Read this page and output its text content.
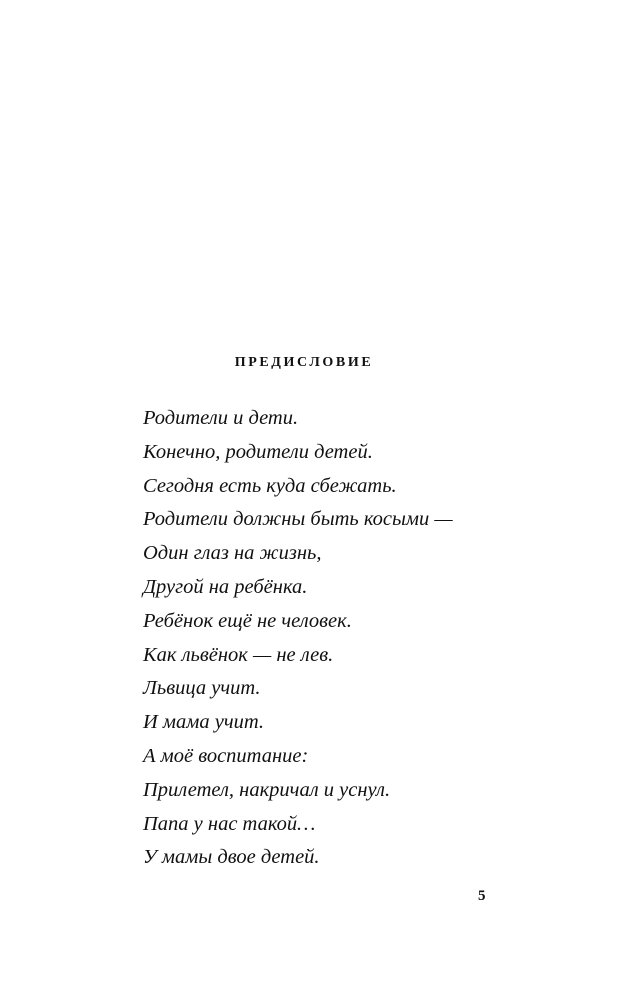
ПРЕДИСЛОВИЕ
Родители и дети.
Конечно, родители детей.
Сегодня есть куда сбежать.
Родители должны быть косыми —
Один глаз на жизнь,
Другой на ребёнка.
Ребёнок ещё не человек.
Как львёнок — не лев.
Львица учит.
И мама учит.
А моё воспитание:
Прилетел, накричал и уснул.
Папа у нас такой…
У мамы двое детей.

5
